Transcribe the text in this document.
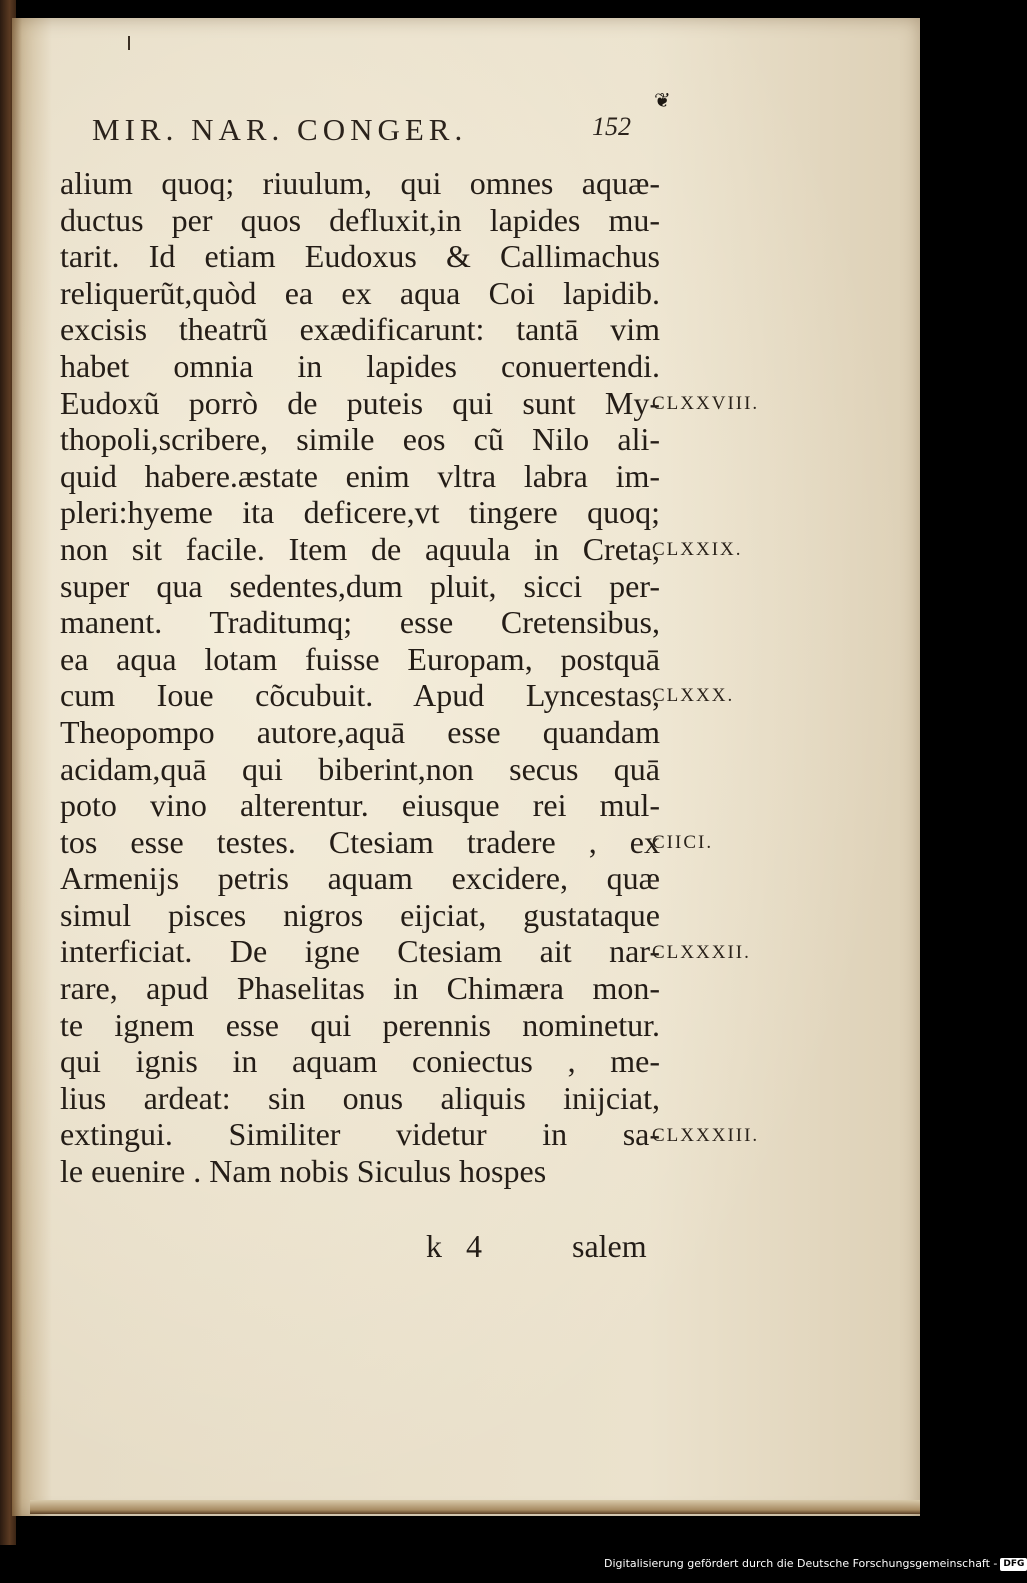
❦
MIR. NAR. CONGER.	152
alium quoq; riuulum, qui omnes aquæ-
ductus per quos defluxit,in lapides mu-
tarit. Id etiam Eudoxus & Callimachus
reliquerũt,quòd ea ex aqua Coi lapidib.
excisis theatrũ exædificarunt: tantā vim
habet omnia in lapides conuertendi.
Eudoxũ porrò de puteis qui sunt My-
thopoli,scribere, simile eos cũ Nilo ali-
quid habere.æstate enim vltra labra im-
pleri:hyeme ita deficere,vt tingere quoq;
non sit facile. Item de aquula in Creta,
super qua sedentes,dum pluit, sicci per-
manent. Traditumq; esse Cretensibus,
ea aqua lotam fuisse Europam, postquā
cum Ioue cõcubuit. Apud Lyncestas,
Theopompo autore,aquā esse quandam
acidam,quā qui biberint,non secus quā
poto vino alterentur. eiusque rei mul-
tos esse testes. Ctesiam tradere , ex
Armenijs petris aquam excidere, quæ
simul pisces nigros eijciat, gustataque
interficiat. De igne Ctesiam ait nar-
rare, apud Phaselitas in Chimæra mon-
te ignem esse qui perennis nominetur.
qui ignis in aquam coniectus , me-
lius ardeat: sin onus aliquis inijciat,
extingui. Similiter videtur in sa-
le euenire . Nam nobis Siculus hospes
CLXXVIII.
CLXXIX.
CLXXX.
CIICI.
CLXXXII.
CLXXXIII.
k 4	salem
Digitalisierung gefördert durch die Deutsche Forschungsgemeinschaft - DFG
